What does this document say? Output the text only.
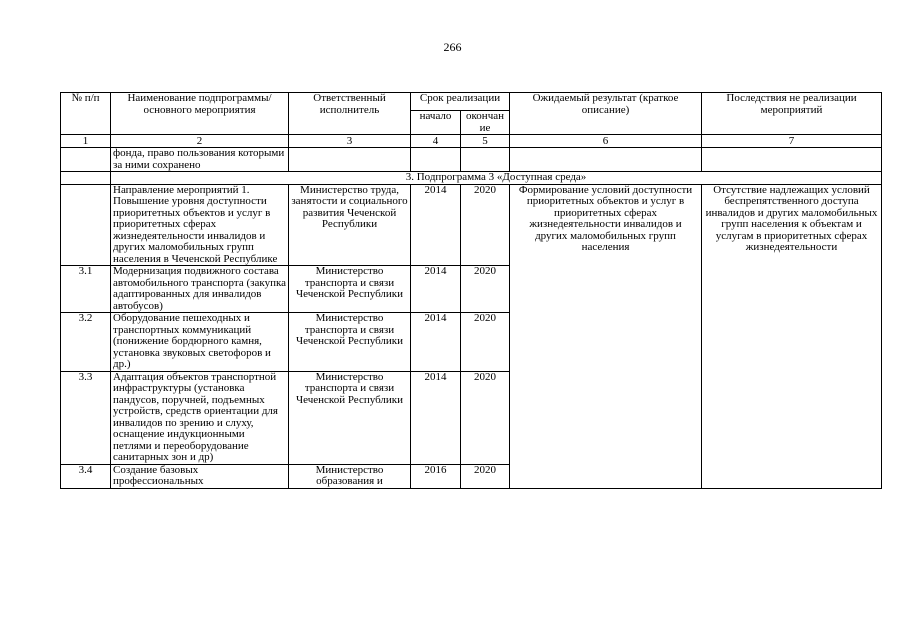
266
№ п/п	Наименование подпрограммы/ основного мероприятия	Ответственный исполнитель	Срок реализации		Ожидаемый результат (краткое описание)	Последствия не реализации мероприятий
			начало	окончан ие		
1	2	3	4	5	6	7
	фонда, право пользования которыми за ними сохранено					
	3. Подпрограмма 3 «Доступная среда»					
	Направление мероприятий 1. Повышение уровня доступности приоритетных объектов и услуг в приоритетных сферах жизнедеятельности инвалидов и других маломобильных групп населения в Чеченской Республике	Министерство труда, занятости и социального развития Чеченской Республики	2014	2020	Формирование условий доступности приоритетных объектов и услуг в приоритетных сферах жизнедеятельности инвалидов и других маломобильных групп населения	Отсутствие надлежащих условий беспрепятственного доступа инвалидов и других маломобильных групп населения к объектам и услугам в приоритетных сферах жизнедеятельности
3.1	Модернизация подвижного состава автомобильного транспорта (закупка адаптированных для инвалидов автобусов)	Министерство транспорта и связи Чеченской Республики	2014	2020		
3.2	Оборудование пешеходных и транспортных коммуникаций (понижение бордюрного камня, установка звуковых светофоров и др.)	Министерство транспорта и связи Чеченской Республики	2014	2020		
3.3	Адаптация объектов транспортной инфраструктуры (установка пандусов, поручней, подъемных устройств, средств ориентации для инвалидов по зрению и слуху, оснащение индукционными петлями и переоборудование санитарных зон и др)	Министерство транспорта и связи Чеченской Республики	2014	2020		
3.4	Создание базовых профессиональных	Министерство образования и	2016	2020		
